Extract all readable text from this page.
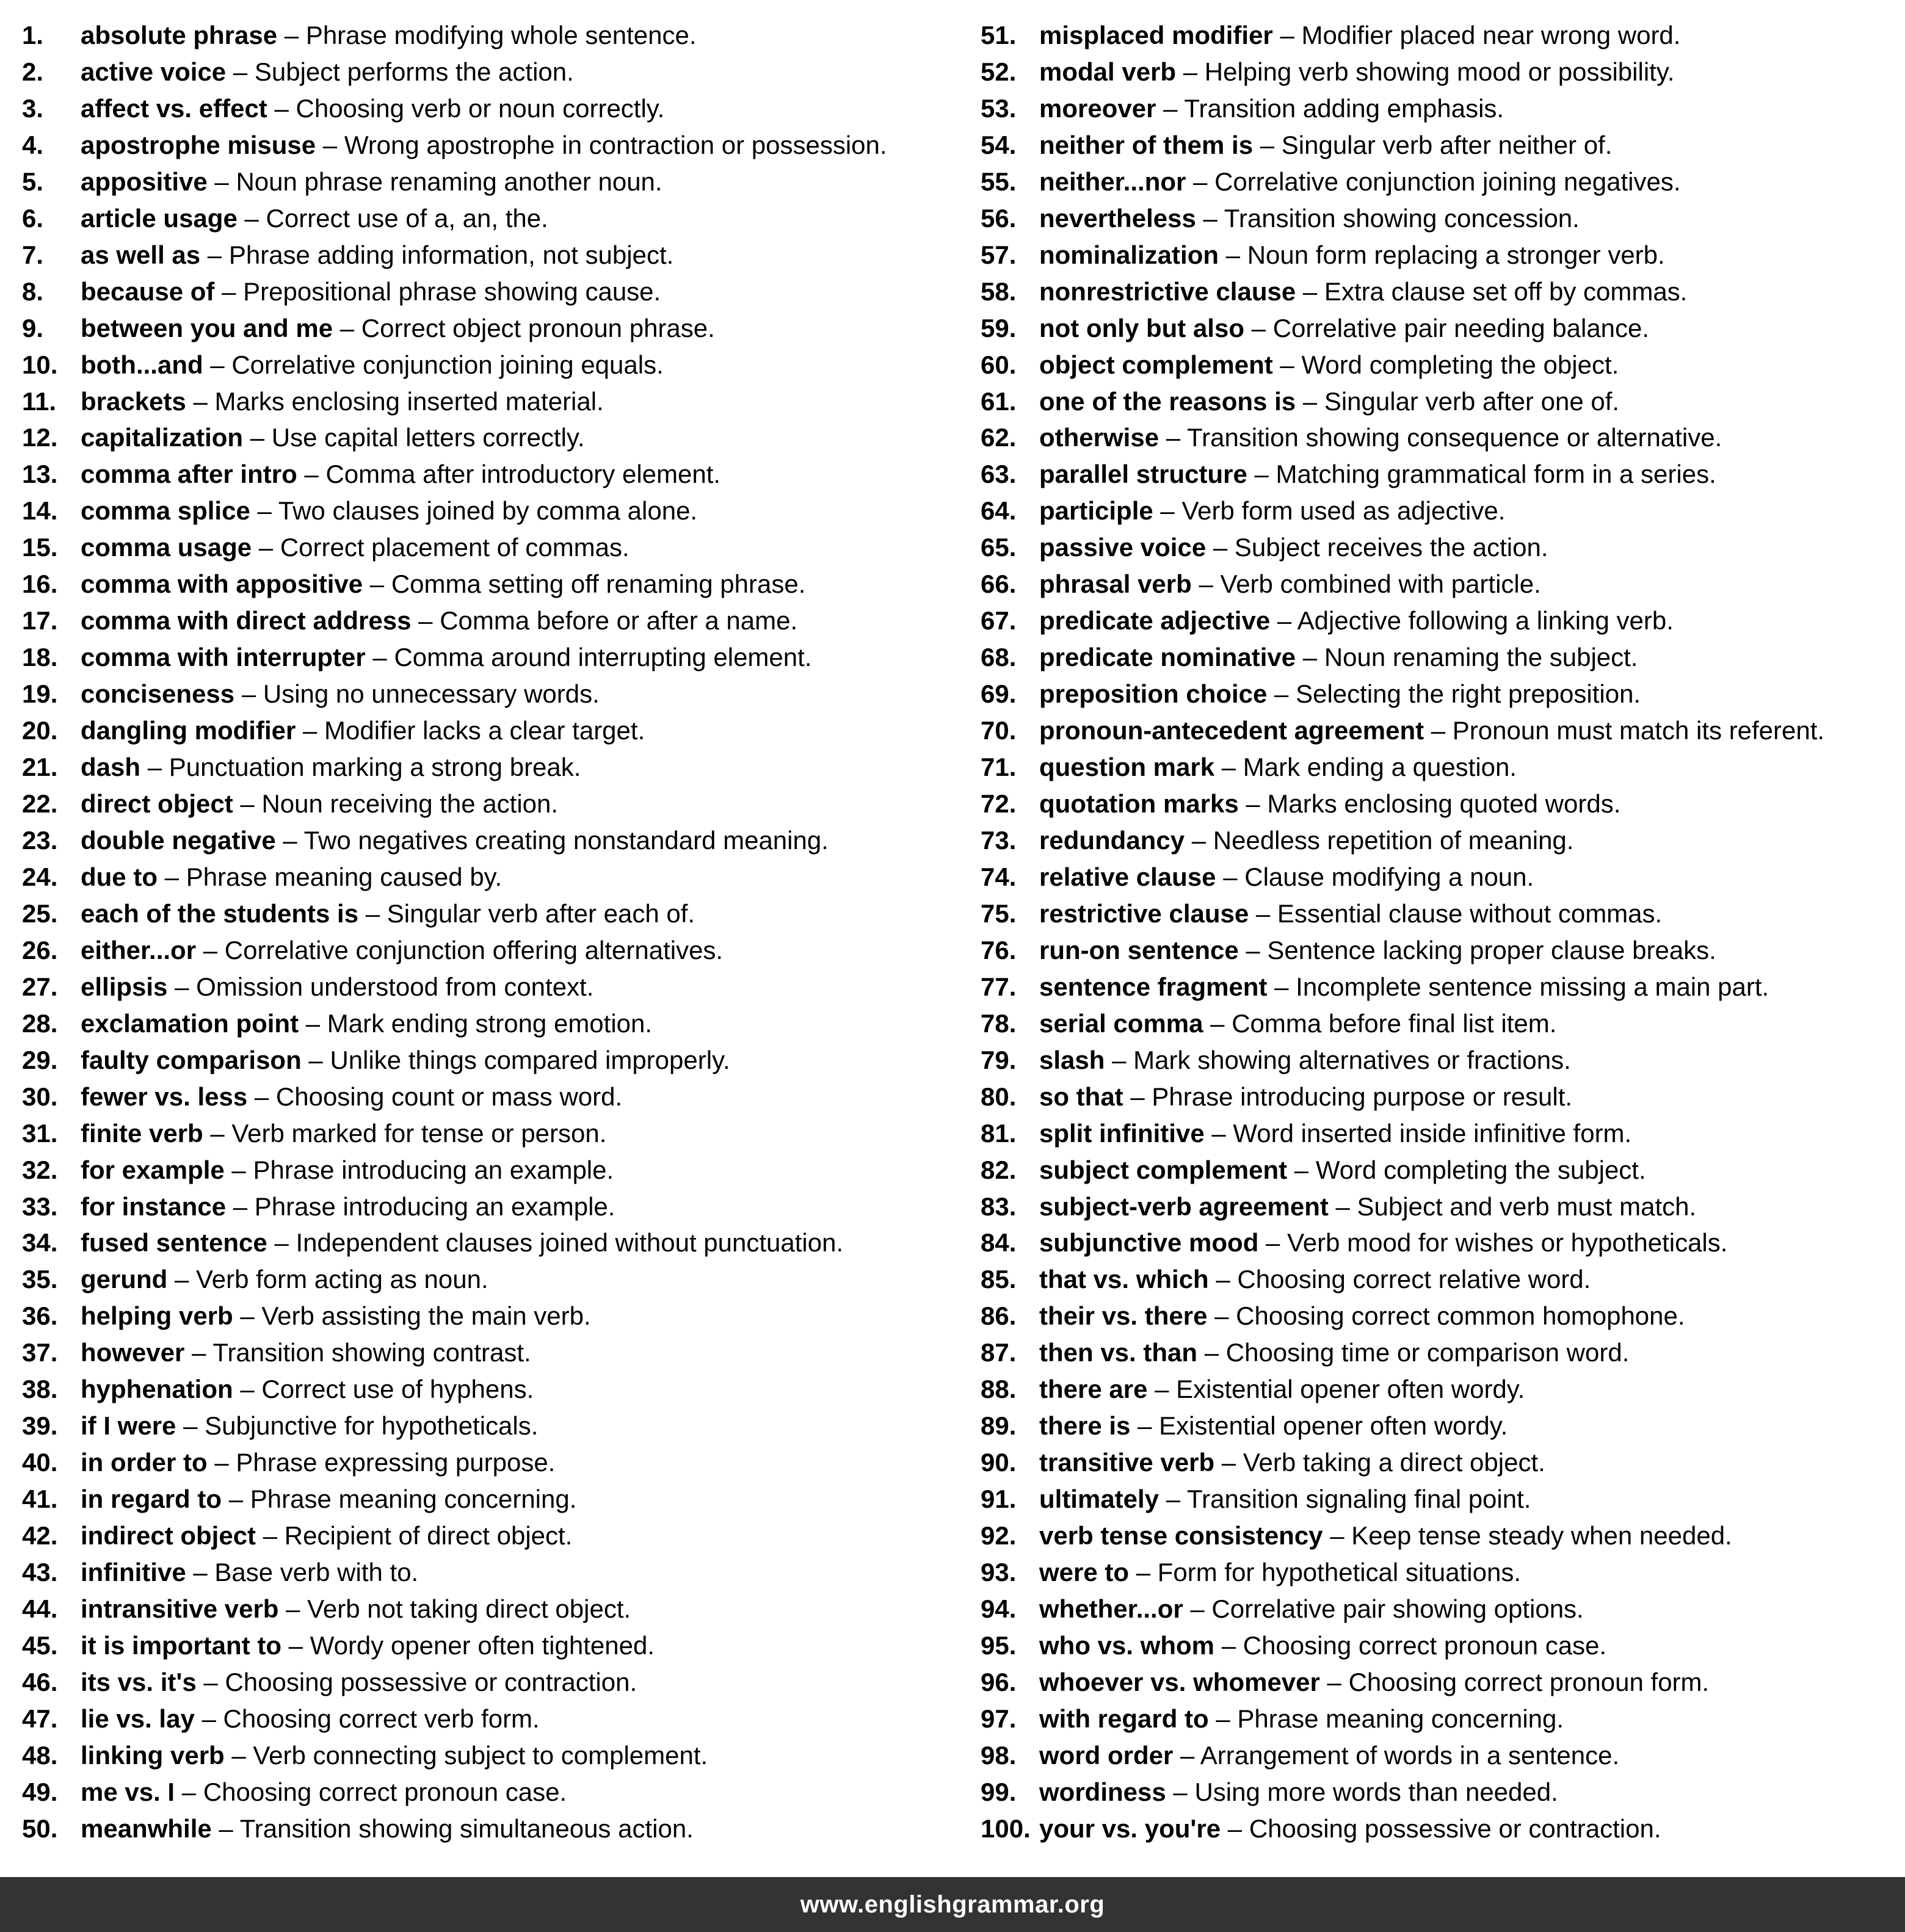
1.	absolute phrase – Phrase modifying whole sentence.
2.	active voice – Subject performs the action.
3.	affect vs. effect – Choosing verb or noun correctly.
4.	apostrophe misuse – Wrong apostrophe in contraction or possession.
5.	appositive – Noun phrase renaming another noun.
6.	article usage – Correct use of a, an, the.
7.	as well as – Phrase adding information, not subject.
8.	because of – Prepositional phrase showing cause.
9.	between you and me – Correct object pronoun phrase.
10. both...and – Correlative conjunction joining equals.
11. brackets – Marks enclosing inserted material.
12. capitalization – Use capital letters correctly.
13. comma after intro – Comma after introductory element.
14. comma splice – Two clauses joined by comma alone.
15. comma usage – Correct placement of commas.
16. comma with appositive – Comma setting off renaming phrase.
17. comma with direct address – Comma before or after a name.
18. comma with interrupter – Comma around interrupting element.
19. conciseness – Using no unnecessary words.
20. dangling modifier – Modifier lacks a clear target.
21. dash – Punctuation marking a strong break.
22. direct object – Noun receiving the action.
23. double negative – Two negatives creating nonstandard meaning.
24. due to – Phrase meaning caused by.
25. each of the students is – Singular verb after each of.
26. either...or – Correlative conjunction offering alternatives.
27. ellipsis – Omission understood from context.
28. exclamation point – Mark ending strong emotion.
29. faulty comparison – Unlike things compared improperly.
30. fewer vs. less – Choosing count or mass word.
31. finite verb – Verb marked for tense or person.
32. for example – Phrase introducing an example.
33. for instance – Phrase introducing an example.
34. fused sentence – Independent clauses joined without punctuation.
35. gerund – Verb form acting as noun.
36. helping verb – Verb assisting the main verb.
37. however – Transition showing contrast.
38. hyphenation – Correct use of hyphens.
39. if I were – Subjunctive for hypotheticals.
40. in order to – Phrase expressing purpose.
41. in regard to – Phrase meaning concerning.
42. indirect object – Recipient of direct object.
43. infinitive – Base verb with to.
44. intransitive verb – Verb not taking direct object.
45. it is important to – Wordy opener often tightened.
46. its vs. it's – Choosing possessive or contraction.
47. lie vs. lay – Choosing correct verb form.
48. linking verb – Verb connecting subject to complement.
49. me vs. I – Choosing correct pronoun case.
50. meanwhile – Transition showing simultaneous action.
51. misplaced modifier – Modifier placed near wrong word.
52. modal verb – Helping verb showing mood or possibility.
53. moreover – Transition adding emphasis.
54. neither of them is – Singular verb after neither of.
55. neither...nor – Correlative conjunction joining negatives.
56. nevertheless – Transition showing concession.
57. nominalization – Noun form replacing a stronger verb.
58. nonrestrictive clause – Extra clause set off by commas.
59. not only but also – Correlative pair needing balance.
60. object complement – Word completing the object.
61. one of the reasons is – Singular verb after one of.
62. otherwise – Transition showing consequence or alternative.
63. parallel structure – Matching grammatical form in a series.
64. participle – Verb form used as adjective.
65. passive voice – Subject receives the action.
66. phrasal verb – Verb combined with particle.
67. predicate adjective – Adjective following a linking verb.
68. predicate nominative – Noun renaming the subject.
69. preposition choice – Selecting the right preposition.
70. pronoun-antecedent agreement – Pronoun must match its referent.
71. question mark – Mark ending a question.
72. quotation marks – Marks enclosing quoted words.
73. redundancy – Needless repetition of meaning.
74. relative clause – Clause modifying a noun.
75. restrictive clause – Essential clause without commas.
76. run-on sentence – Sentence lacking proper clause breaks.
77. sentence fragment – Incomplete sentence missing a main part.
78. serial comma – Comma before final list item.
79. slash – Mark showing alternatives or fractions.
80. so that – Phrase introducing purpose or result.
81. split infinitive – Word inserted inside infinitive form.
82. subject complement – Word completing the subject.
83. subject-verb agreement – Subject and verb must match.
84. subjunctive mood – Verb mood for wishes or hypotheticals.
85. that vs. which – Choosing correct relative word.
86. their vs. there – Choosing correct common homophone.
87. then vs. than – Choosing time or comparison word.
88. there are – Existential opener often wordy.
89. there is – Existential opener often wordy.
90. transitive verb – Verb taking a direct object.
91. ultimately – Transition signaling final point.
92. verb tense consistency – Keep tense steady when needed.
93. were to – Form for hypothetical situations.
94. whether...or – Correlative pair showing options.
95. who vs. whom – Choosing correct pronoun case.
96. whoever vs. whomever – Choosing correct pronoun form.
97. with regard to – Phrase meaning concerning.
98. word order – Arrangement of words in a sentence.
99. wordiness – Using more words than needed.
100. your vs. you're – Choosing possessive or contraction.
www.englishgrammar.org
